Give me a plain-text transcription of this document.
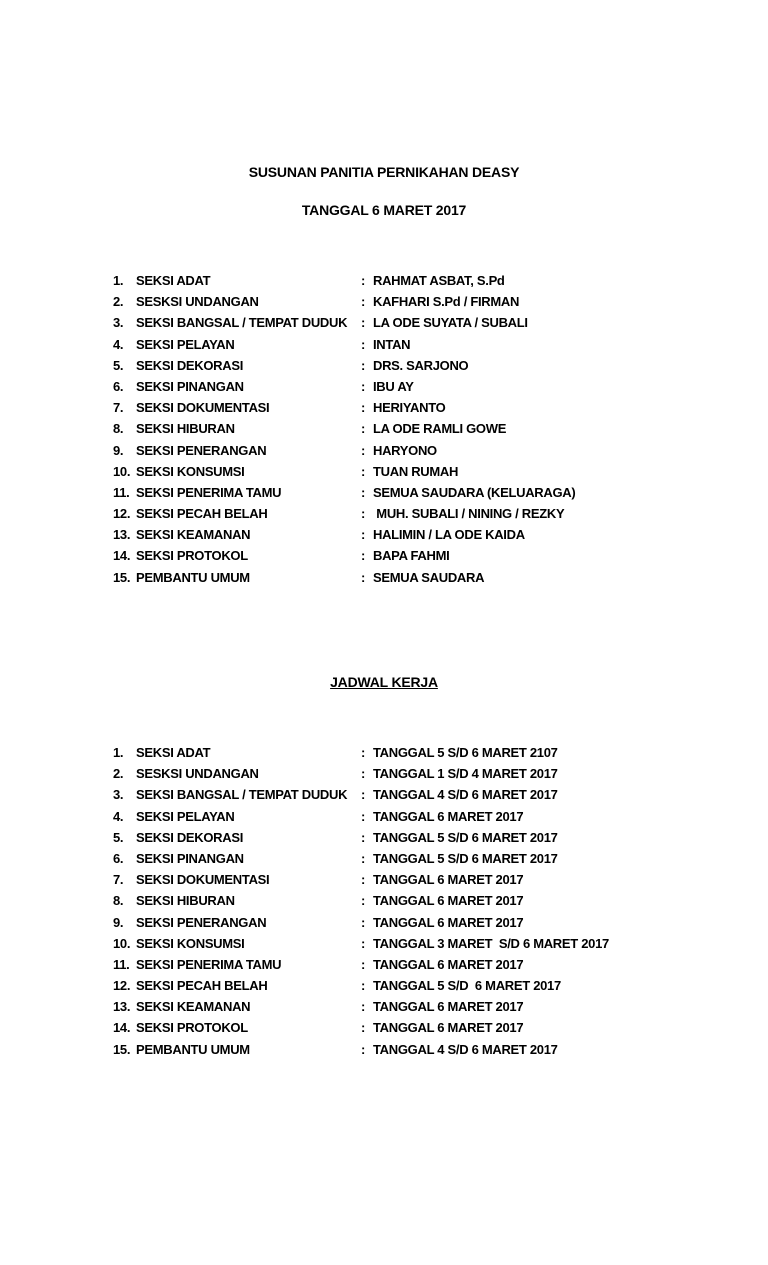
SUSUNAN PANITIA PERNIKAHAN DEASY
TANGGAL 6 MARET 2017
1. SEKSI ADAT	: RAHMAT ASBAT, S.Pd
2. SESKSI UNDANGAN	: KAFHARI S.Pd / FIRMAN
3. SEKSI BANGSAL / TEMPAT DUDUK : LA ODE SUYATA / SUBALI
4. SEKSI PELAYAN	: INTAN
5. SEKSI DEKORASI	: DRS. SARJONO
6. SEKSI PINANGAN	: IBU AY
7. SEKSI DOKUMENTASI	: HERIYANTO
8. SEKSI HIBURAN	: LA ODE RAMLI GOWE
9. SEKSI PENERANGAN	: HARYONO
10. SEKSI KONSUMSI	: TUAN RUMAH
11. SEKSI PENERIMA TAMU	: SEMUA SAUDARA (KELUARAGA)
12. SEKSI PECAH BELAH	: MUH. SUBALI / NINING / REZKY
13. SEKSI KEAMANAN	: HALIMIN / LA ODE KAIDA
14. SEKSI PROTOKOL	: BAPA FAHMI
15. PEMBANTU UMUM	: SEMUA SAUDARA
JADWAL KERJA
1. SEKSI ADAT	: TANGGAL 5 S/D 6 MARET 2107
2. SESKSI UNDANGAN	: TANGGAL 1 S/D 4 MARET 2017
3. SEKSI BANGSAL / TEMPAT DUDUK : TANGGAL 4 S/D 6 MARET 2017
4. SEKSI PELAYAN	: TANGGAL 6 MARET 2017
5. SEKSI DEKORASI	: TANGGAL 5 S/D 6 MARET 2017
6. SEKSI PINANGAN	: TANGGAL 5 S/D 6 MARET 2017
7. SEKSI DOKUMENTASI	: TANGGAL 6 MARET 2017
8. SEKSI HIBURAN	: TANGGAL 6 MARET 2017
9. SEKSI PENERANGAN	: TANGGAL 6 MARET 2017
10. SEKSI KONSUMSI	: TANGGAL 3 MARET  S/D 6 MARET 2017
11. SEKSI PENERIMA TAMU	: TANGGAL 6 MARET 2017
12. SEKSI PECAH BELAH	: TANGGAL 5 S/D  6 MARET 2017
13. SEKSI KEAMANAN	: TANGGAL 6 MARET 2017
14. SEKSI PROTOKOL	: TANGGAL 6 MARET 2017
15. PEMBANTU UMUM	: TANGGAL 4 S/D 6 MARET 2017
